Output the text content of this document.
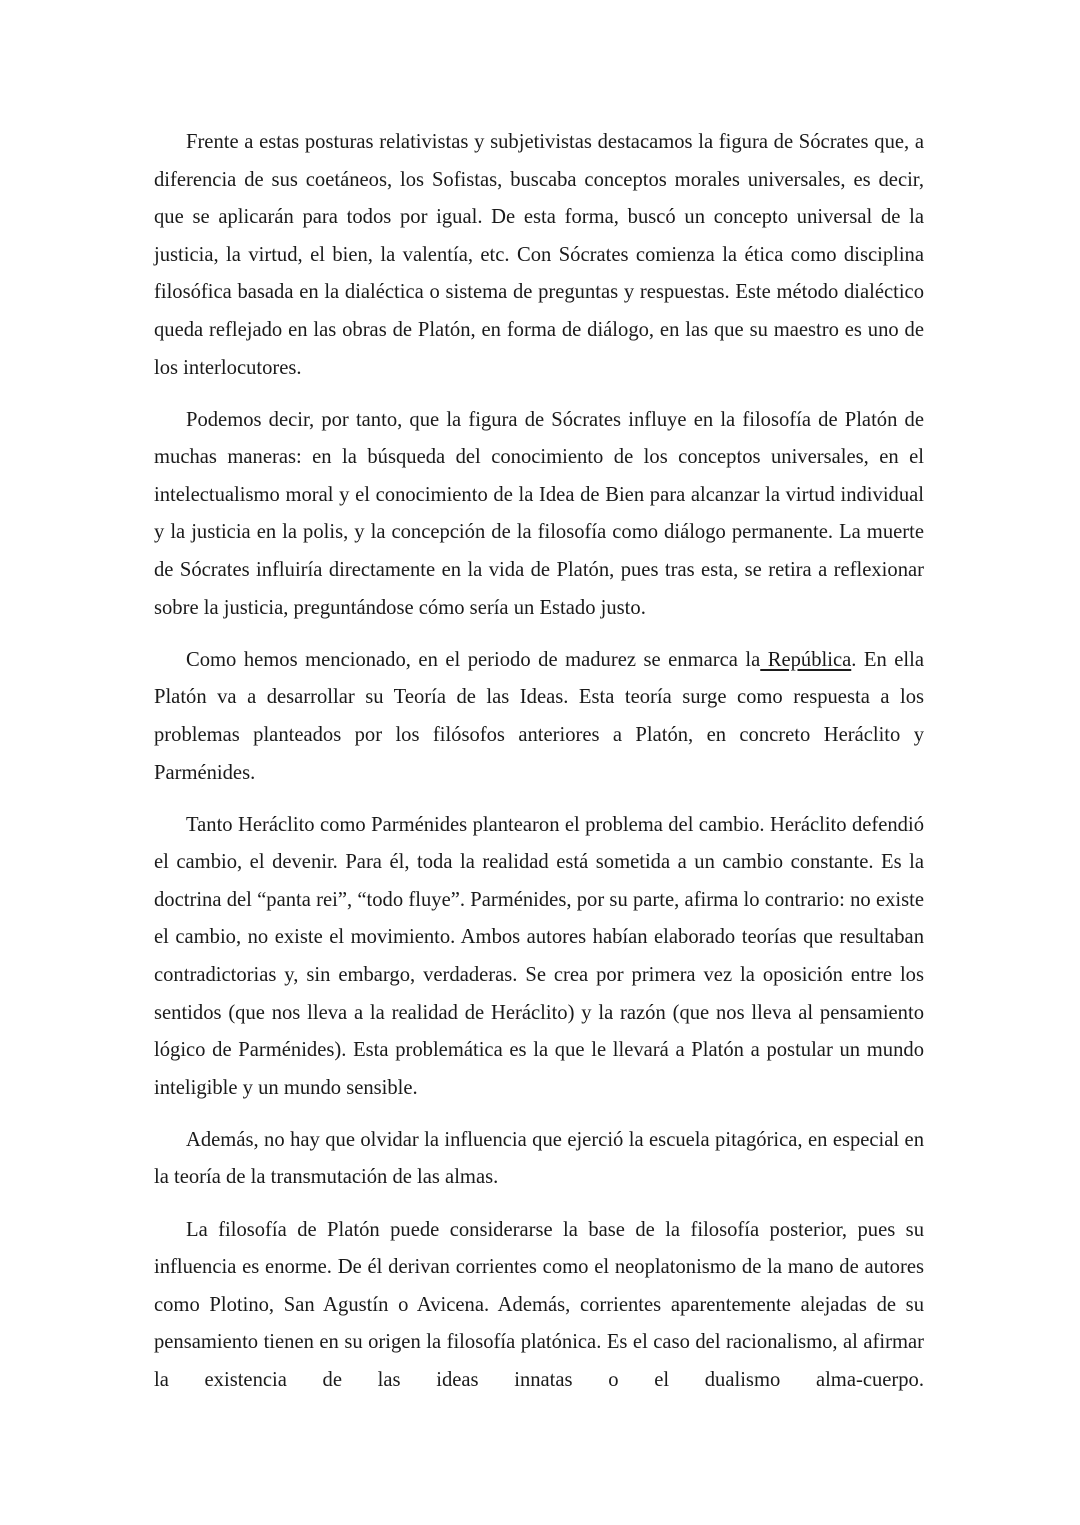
Frente a estas posturas relativistas y subjetivistas destacamos la figura de Sócrates que, a diferencia de sus coetáneos, los Sofistas, buscaba conceptos morales universales, es decir, que se aplicarán para todos por igual. De esta forma, buscó un concepto universal de la justicia, la virtud, el bien, la valentía, etc. Con Sócrates comienza la ética como disciplina filosófica basada en la dialéctica o sistema de preguntas y respuestas. Este método dialéctico queda reflejado en las obras de Platón, en forma de diálogo, en las que su maestro es uno de los interlocutores.

Podemos decir, por tanto, que la figura de Sócrates influye en la filosofía de Platón de muchas maneras: en la búsqueda del conocimiento de los conceptos universales, en el intelectualismo moral y el conocimiento de la Idea de Bien para alcanzar la virtud individual y la justicia en la polis, y la concepción de la filosofía como diálogo permanente. La muerte de Sócrates influiría directamente en la vida de Platón, pues tras esta, se retira a reflexionar sobre la justicia, preguntándose cómo sería un Estado justo.

Como hemos mencionado, en el periodo de madurez se enmarca la República. En ella Platón va a desarrollar su Teoría de las Ideas. Esta teoría surge como respuesta a los problemas planteados por los filósofos anteriores a Platón, en concreto Heráclito y Parménides.

Tanto Heráclito como Parménides plantearon el problema del cambio. Heráclito defendió el cambio, el devenir. Para él, toda la realidad está sometida a un cambio constante. Es la doctrina del “panta rei”, “todo fluye”. Parménides, por su parte, afirma lo contrario: no existe el cambio, no existe el movimiento. Ambos autores habían elaborado teorías que resultaban contradictorias y, sin embargo, verdaderas. Se crea por primera vez la oposición entre los sentidos (que nos lleva a la realidad de Heráclito) y la razón (que nos lleva al pensamiento lógico de Parménides). Esta problemática es la que le llevará a Platón a postular un mundo inteligible y un mundo sensible.

Además, no hay que olvidar la influencia que ejerció la escuela pitagórica, en especial en la teoría de la transmutación de las almas.

La filosofía de Platón puede considerarse la base de la filosofía posterior, pues su influencia es enorme. De él derivan corrientes como el neoplatonismo de la mano de autores como Plotino, San Agustín o Avicena. Además, corrientes aparentemente alejadas de su pensamiento tienen en su origen la filosofía platónica. Es el caso del racionalismo, al afirmar la existencia de las ideas innatas o el dualismo alma-cuerpo.
